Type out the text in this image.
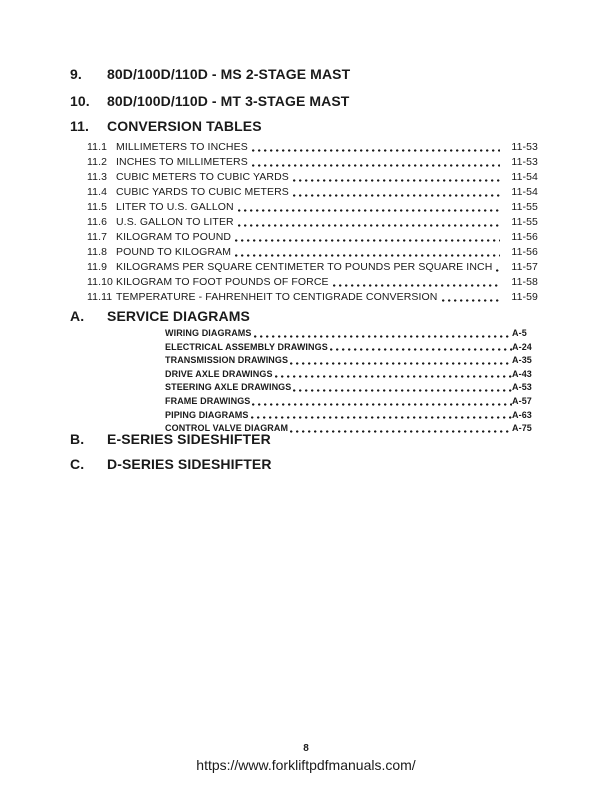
9.	80D/100D/110D - MS 2-STAGE MAST
10.	80D/100D/110D - MT 3-STAGE MAST
11.	CONVERSION TABLES
11.1 MILLIMETERS TO INCHES	11-53
11.2 INCHES TO MILLIMETERS	11-53
11.3 CUBIC METERS TO CUBIC YARDS	11-54
11.4 CUBIC YARDS TO CUBIC METERS	11-54
11.5 LITER TO U.S. GALLON	11-55
11.6 U.S. GALLON TO LITER	11-55
11.7 KILOGRAM TO POUND	11-56
11.8 POUND TO KILOGRAM	11-56
11.9 KILOGRAMS PER SQUARE CENTIMETER TO POUNDS PER SQUARE INCH 11-57
11.10 KILOGRAM TO FOOT POUNDS OF FORCE	11-58
11.11 TEMPERATURE - FAHRENHEIT TO CENTIGRADE CONVERSION	11-59
A.	SERVICE DIAGRAMS
WIRING DIAGRAMS	A-5
ELECTRICAL ASSEMBLY DRAWINGS	A-24
TRANSMISSION DRAWINGS	A-35
DRIVE AXLE DRAWINGS	A-43
STEERING AXLE DRAWINGS	A-53
FRAME DRAWINGS	A-57
PIPING DIAGRAMS	A-63
CONTROL VALVE DIAGRAM	A-75
B.	E-SERIES SIDESHIFTER
C.	D-SERIES SIDESHIFTER
8
https://www.forkliftpdfmanuals.com/
